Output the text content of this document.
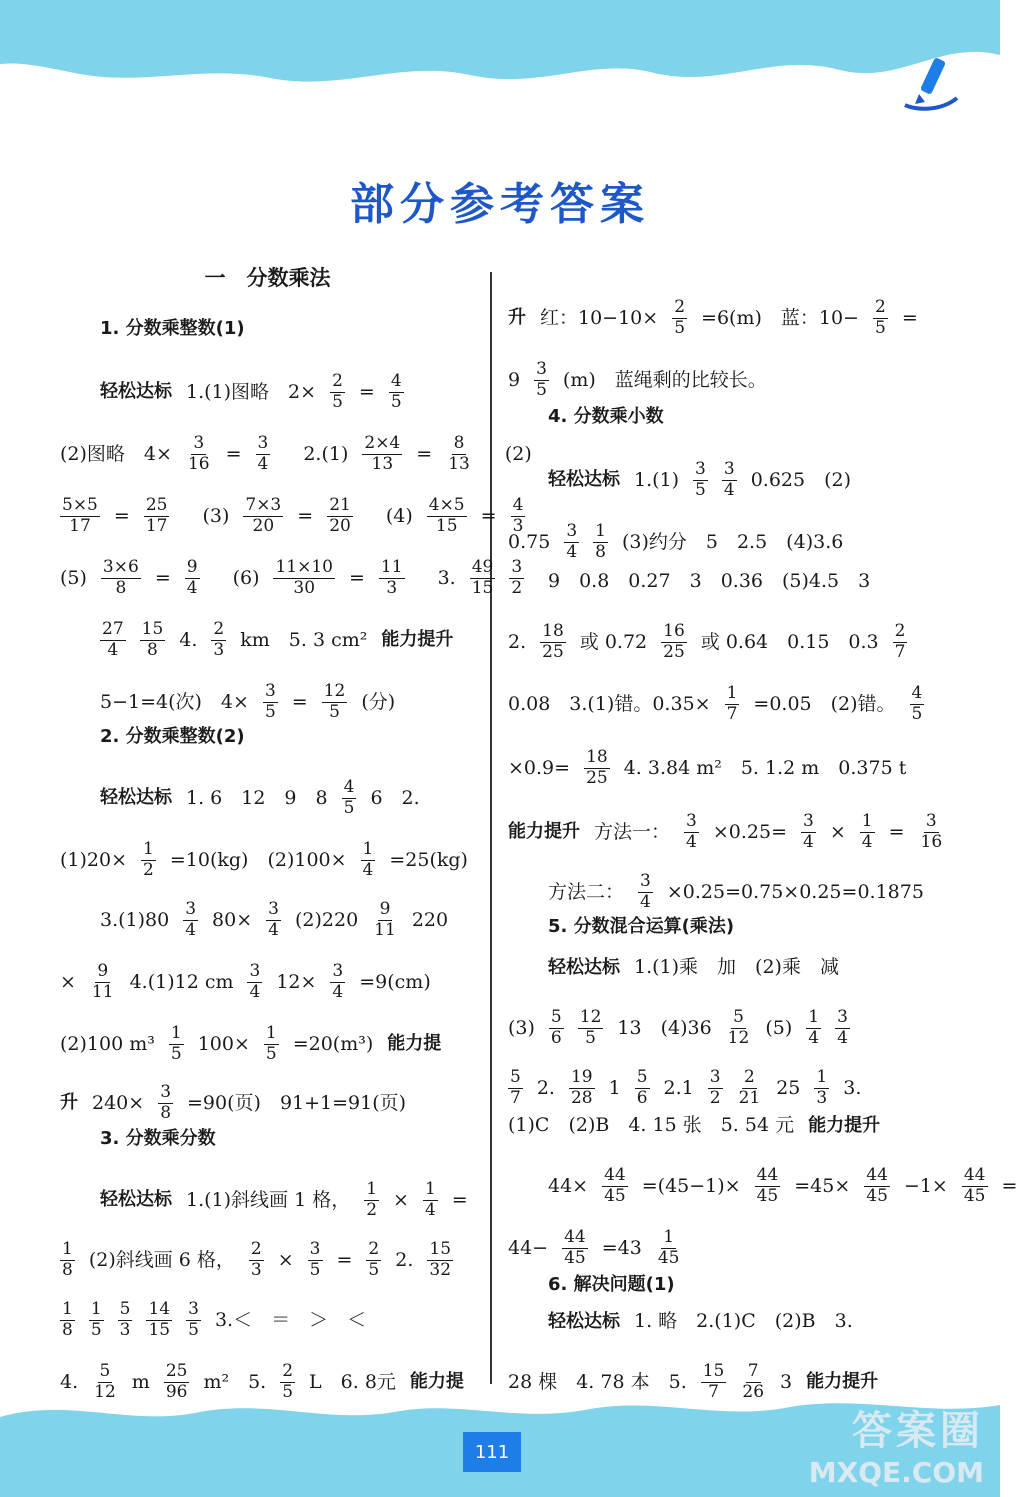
部分参考答案
一　分数乘法
1. 分数乘整数(1)
轻松达标 1.(1)图略　$2\times \frac{2}{5} = \frac{4}{5}$
(2)图略　$4\times \frac{3}{16} = \frac{3}{4}$ 　$2.(1) \frac{2\times 4}{13} = \frac{8}{13}$ 　(2)
$\frac{5\times 5}{17} = \frac{25}{17}$ 　$(3) \frac{7\times 3}{20} = \frac{21}{20}$ 　$(4) \frac{4\times 5}{15} = \frac{4}{3}$
$(5) \frac{3\times 6}{8} = \frac{9}{4}$ 　$(6) \frac{11\times 10}{30} = \frac{11}{3}$ 　3. $\frac{49}{15} \frac{3}{2}$
$\frac{27}{4} \frac{15}{8} 4$. $\frac{2}{3}$ km　5. 3 cm² 能力提升
5−1=4(次)　$4\times \frac{3}{5} = \frac{12}{5}$ (分)
2. 分数乘整数(2)
轻松达标 1. 6　12　9　$8 \frac{4}{5} 6$　2.
$(1)20\times \frac{1}{2} =10(kg)$　$(2)100\times \frac{1}{4} =25(kg)$
$3.(1)80 \frac{3}{4} 80\times \frac{3}{4} (2)220 \frac{9}{11} 220$
× $\frac{9}{11} 4.(1)12$ cm $\frac{3}{4} 12\times \frac{3}{4} =9(cm)$
(2)100 $m^3 \frac{1}{5} 100\times \frac{1}{5} =20(m^3)$ 能力提
升 $240\times \frac{3}{8} =90$(页)　91+1=91(页)
3. 分数乘分数
轻松达标 1.(1)斜线画 1 格， $\frac{1}{2} \times \frac{1}{4}$ =
$\frac{1}{8} (2)$斜线画 6 格， $\frac{2}{3} \times \frac{3}{5} = \frac{2}{5} 2$. $\frac{15}{32}$
$\frac{1}{8} \frac{1}{5} \frac{5}{3} \frac{14}{15} \frac{3}{5} 3.<$　＝　＞　＜
4. $\frac{5}{12}$ m $\frac{25}{96} m^2$　5. $\frac{2}{5}$ L　6. 8元 能力提
升 红：$10-10\times \frac{2}{5} =6(m)$　蓝：$10- \frac{2}{5}$ =
$9 \frac{3}{5} (m)$　蓝绳剩的比较长。
4. 分数乘小数
轻松达标 $1.(1) \frac{3}{5} \frac{3}{4} 0.625$　(2)
$0.75 \frac{3}{4} \frac{1}{8} (3)$约分　5　2.5　(4)3.6
9　0.8　0.27　3　0.36　(5)4.5　3
2. $\frac{18}{25}$ 或 $0.72 \frac{16}{25}$ 或 0.64　0.15　$0.3 \frac{2}{7}$
0.08　3.(1)错。$0.35\times \frac{1}{7} =0.05$　(2)错。 $\frac{4}{5}$
$\times 0.9= \frac{18}{25} 4$. 3.84 m²　5. 1.2 m　0.375 t
能力提升 方法一： $\frac{3}{4} \times 0.25= \frac{3}{4} \times \frac{1}{4} = \frac{3}{16}$
方法二： $\frac{3}{4} \times 0.25=0.75\times 0.25=0.1875$
5. 分数混合运算(乘法)
轻松达标 1.(1)乘　加　(2)乘　减
$(3) \frac{5}{6} \frac{12}{5} 13$　$(4)36 \frac{5}{12} (5) \frac{1}{4} \frac{3}{4}$
$\frac{5}{7} 2$. $\frac{19}{28} 1 \frac{5}{6} 2.1 \frac{3}{2} \frac{2}{21} 25 \frac{1}{3} 3$.
(1)C　(2)B　4. 15 张　5. 54 元 能力提升
$44\times \frac{44}{45} =(45-1)\times \frac{44}{45} =45\times \frac{44}{45} -1\times \frac{44}{45}$ =
$44- \frac{44}{45} =43 \frac{1}{45}$
6. 解决问题(1)
轻松达标 1. 略　2.(1)C　(2)B　3.
28 棵　4. 78 本　5. $\frac{15}{7} \frac{7}{26} 3$ 能力提升
111	答案圈
MXQE.COM
